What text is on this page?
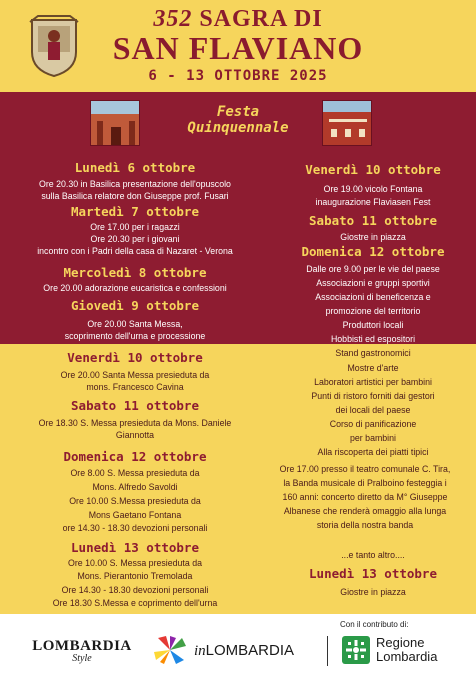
352 SAGRA DI
SAN FLAVIANO
6 - 13 OTTOBRE 2025
Festa
Quinquennale
Lunedì 6 ottobre
Ore 20.30 in Basilica presentazione dell'opuscolo
sulla Basilica relatore don Giuseppe prof. Fusari
Martedì 7 ottobre
Ore 17.00 per i ragazzi
Ore 20.30 per i giovani
incontro con i Padri della casa di Nazaret - Verona
Mercoledì 8 ottobre
Ore 20.00 adorazione eucaristica e confessioni
Giovedì 9 ottobre
Ore 20.00 Santa Messa,
scoprimento dell'urna e processione
Venerdì 10 ottobre
Ore 20.00 Santa Messa presieduta da
mons. Francesco Cavina
Sabato 11 ottobre
Ore 18.30 S. Messa presieduta da Mons. Daniele
Giannotta
Domenica 12 ottobre
Ore 8.00 S. Messa presieduta da
Mons. Alfredo Savoldi
Ore 10.00 S.Messa presieduta da
Mons Gaetano Fontana
ore 14.30 - 18.30 devozioni personali
Lunedì 13 ottobre
Ore 10.00 S. Messa presieduta da
Mons. Pierantonio Tremolada
Ore 14.30 - 18.30 devozioni personali
Ore 18.30 S.Messa e coprimento dell'urna
Venerdì 10 ottobre
Ore 19.00 vicolo Fontana
inaugurazione Flaviasen Fest
Sabato 11 ottobre
Giostre in piazza
Domenica 12 ottobre
Dalle ore 9.00 per le vie del paese
Associazioni e gruppi sportivi
Associazioni di beneficenza e
promozione del territorio
Produttori locali
Hobbisti ed espositori
Stand gastronomici
Mostre d'arte
Laboratori artistici per bambini
Punti di ristoro forniti dai gestori
dei locali del paese
Corso di panificazione
per bambini
Alla riscoperta dei piatti tipici
Ore 17.00 presso il teatro comunale C. Tira,
la Banda musicale di Pralboino festeggia i
160 anni: concerto diretto da M° Giuseppe
Albanese che renderà omaggio alla lunga
storia della nostra banda
...e tanto altro....
Lunedì 13 ottobre
Giostre in piazza
Con il contributo di:
LOMBARDIA
Style	inLOMBARDIA	Regione
Lombardia
